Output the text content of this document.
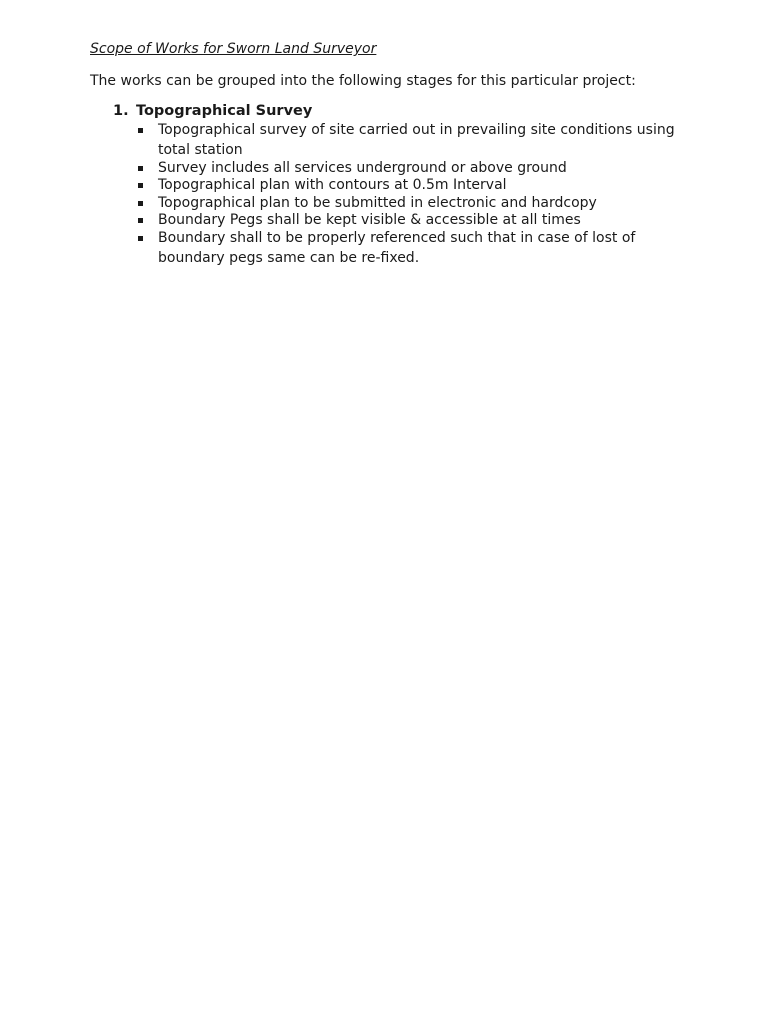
Scope of Works for Sworn Land Surveyor

The works can be grouped into the following stages for this particular project:

1. Topographical Survey
Topographical survey of site carried out in prevailing site conditions using total station
Survey includes all services underground or above ground
Topographical plan with contours at 0.5m Interval
Topographical plan to be submitted in electronic and hardcopy
Boundary Pegs shall be kept visible & accessible at all times
Boundary shall to be properly referenced such that in case of lost of boundary pegs same can be re-fixed.
